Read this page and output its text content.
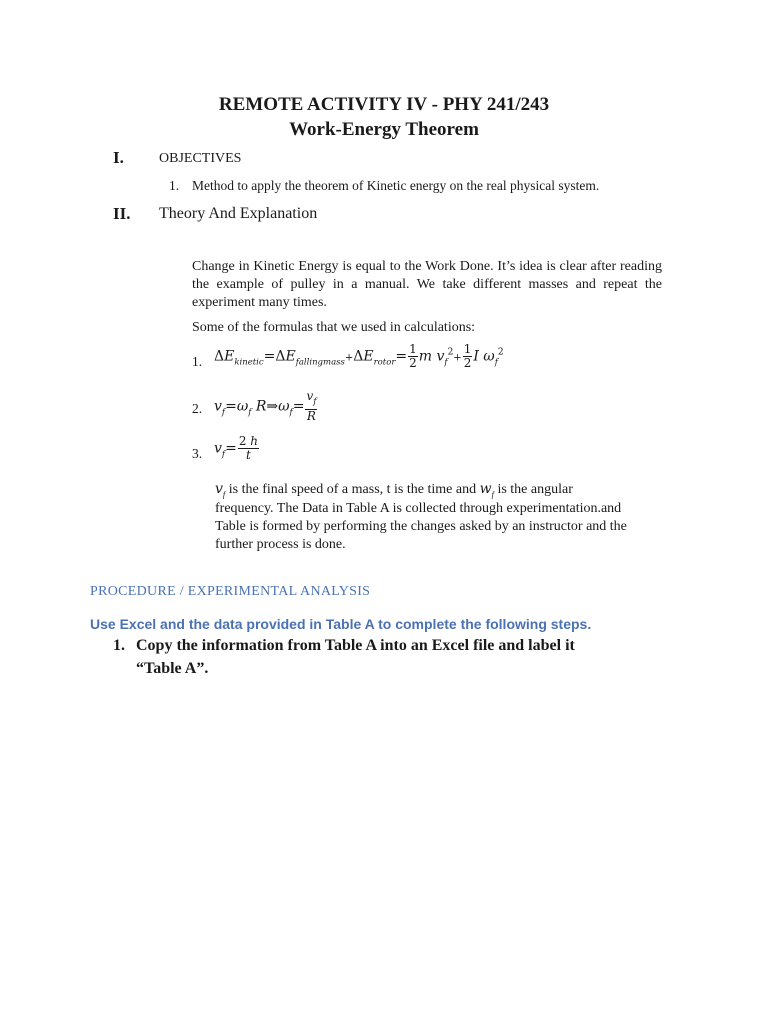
REMOTE ACTIVITY IV - PHY 241/243
Work-Energy Theorem
I.	OBJECTIVES
1. Method to apply the theorem of Kinetic energy on the real physical system.
II. Theory And Explanation
Change in Kinetic Energy is equal to the Work Done. It’s idea is clear after reading the example of pulley in a manual. We take different masses and repeat the experiment many times.
Some of the formulas that we used in calculations:
1. $\Delta E_{kinetic}=\Delta E_{fallingmass}+\Delta E_{rotor}= \frac{1}{2}$ m $v_f^2+ \frac{1}{2}$ I $\omega_f^2$
2. $v_f=\omega_f$ $R\Rightarrow\omega_f= \frac{v_f}{R}$
3. $v_f= \frac{2 h}{t}$
$v_f$ is the final speed of a mass, t is the time and $w_f$ is the angular
frequency. The Data in Table A is collected through experimentation.and
Table is formed by performing the changes asked by an instructor and the
further process is done.
PROCEDURE / EXPERIMENTAL ANALYSIS
Use Excel and the data provided in Table A to complete the following steps.
1. Copy the information from Table A into an Excel file and label it
“Table A”.
